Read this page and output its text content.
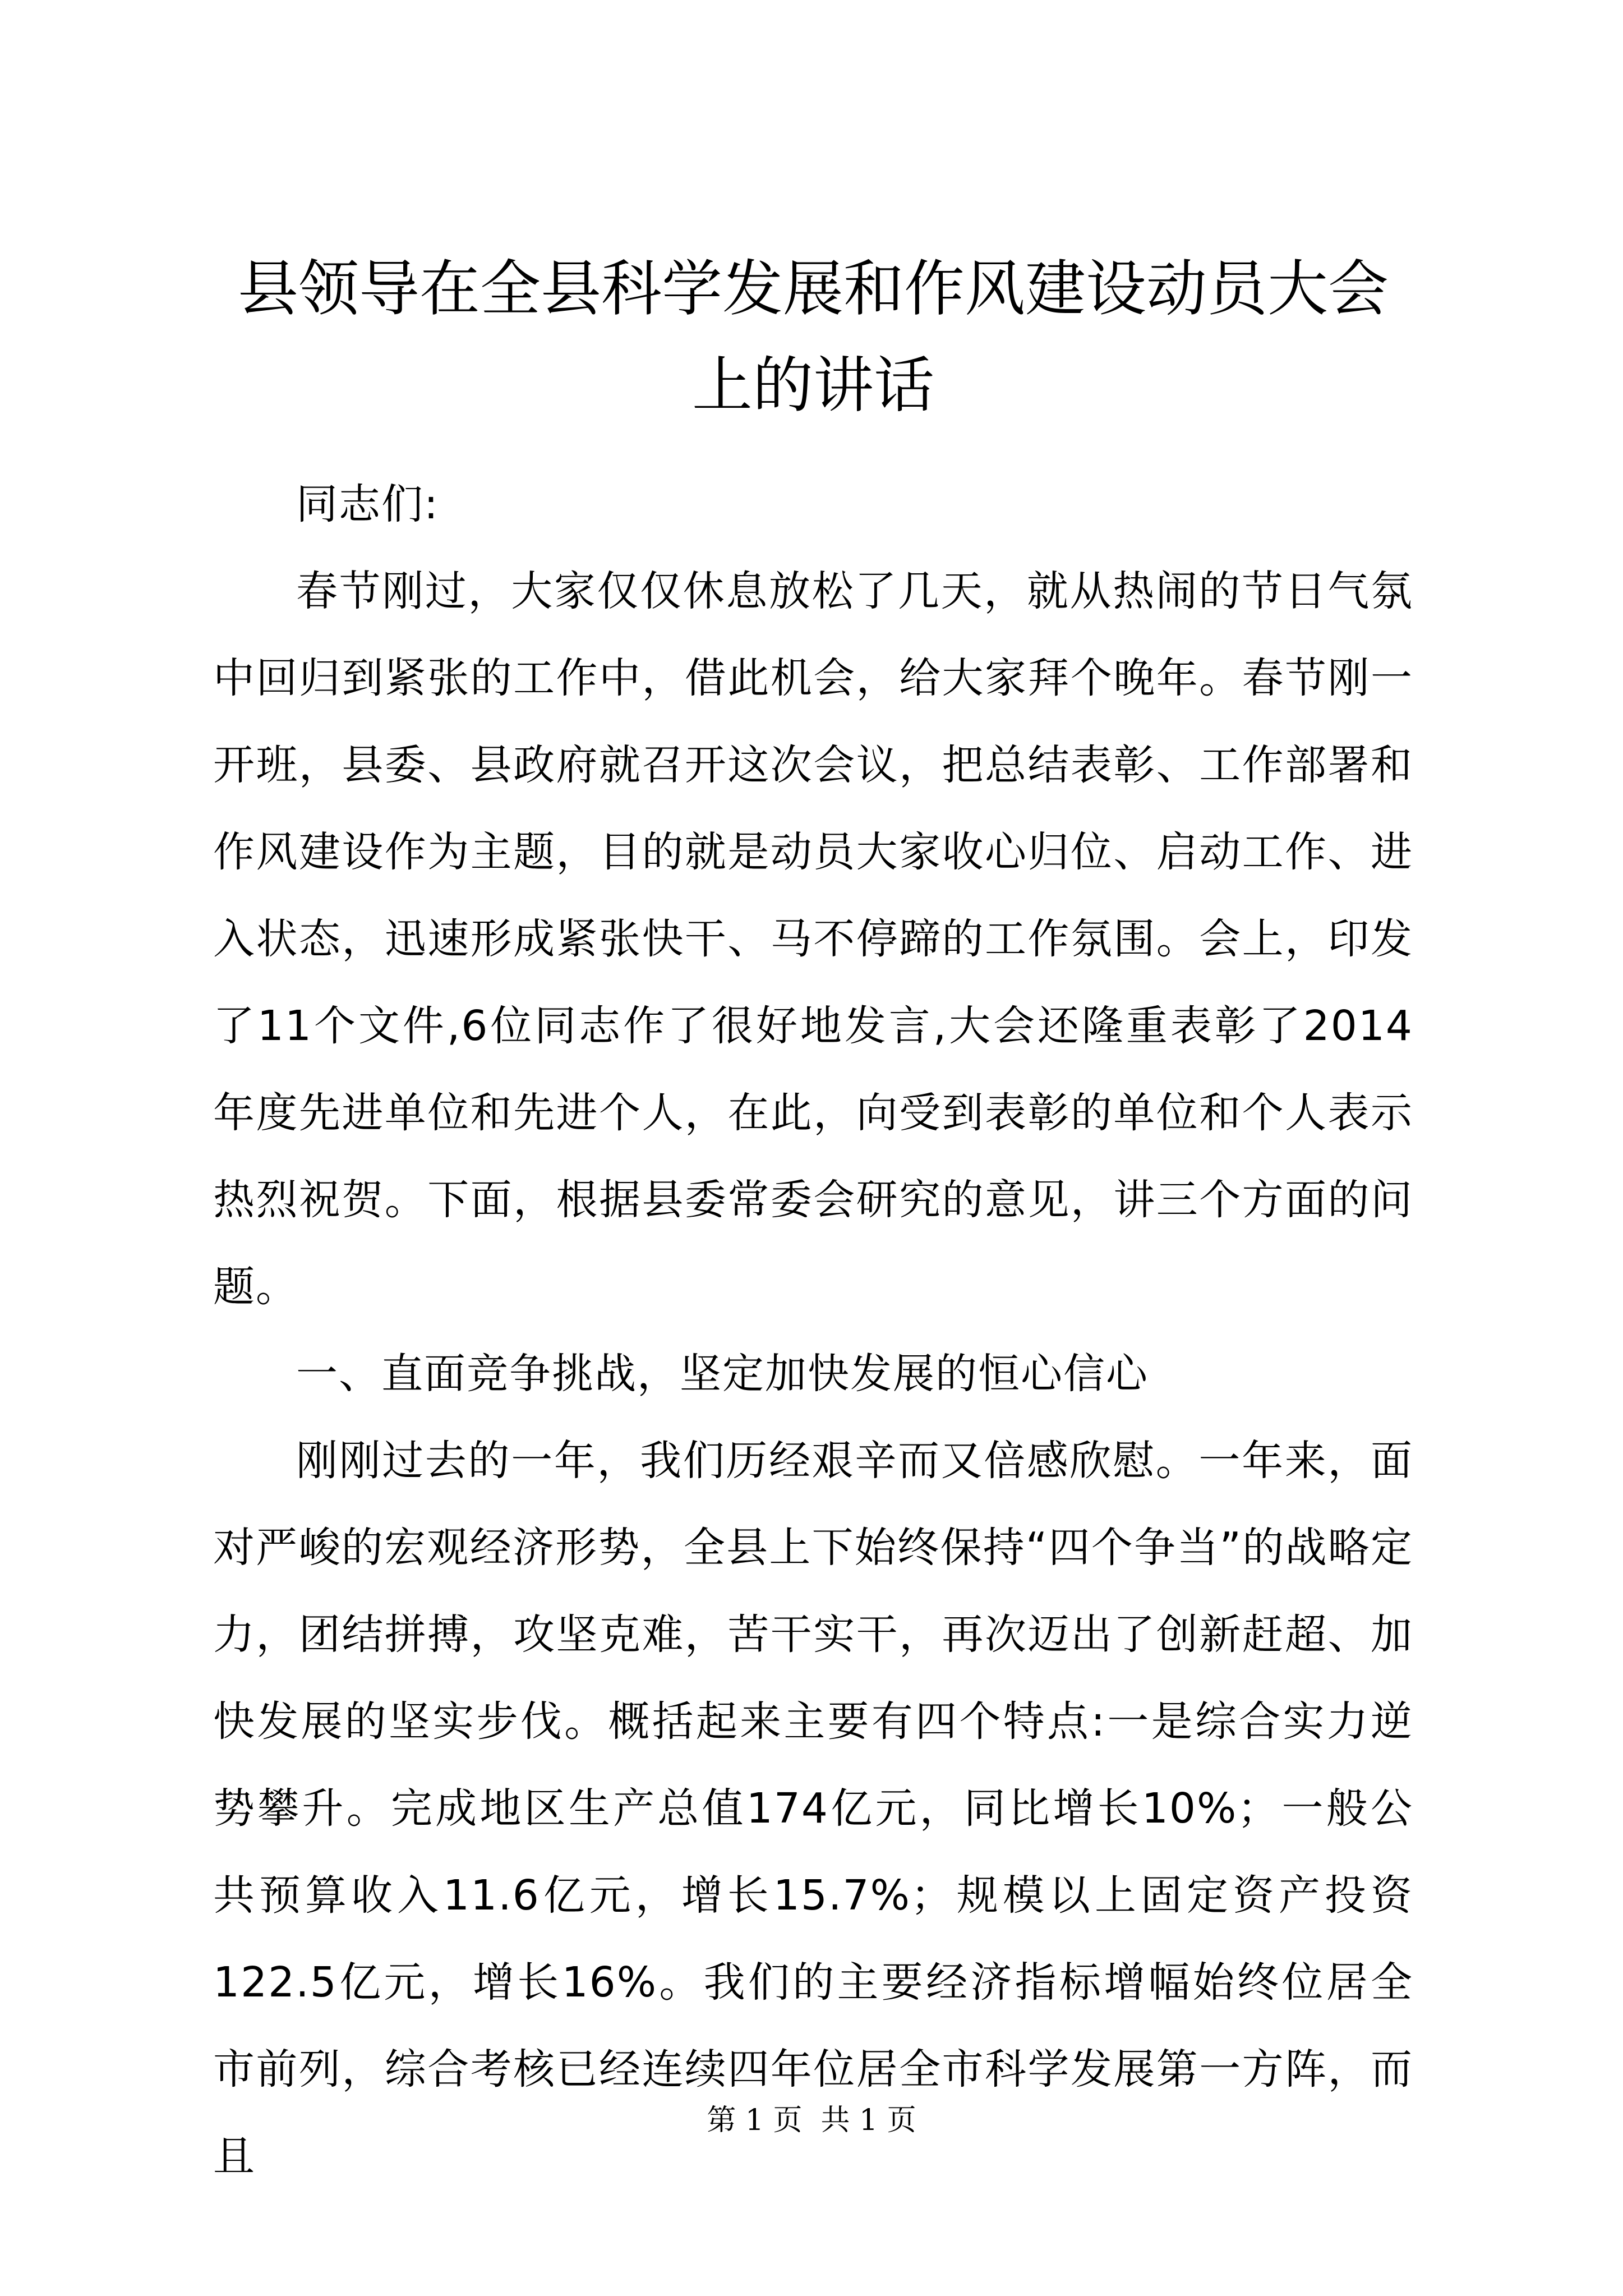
县领导在全县科学发展和作风建设动员大会上的讲话

同志们:

春节刚过，大家仅仅休息放松了几天，就从热闹的节日气氛中回归到紧张的工作中，借此机会，给大家拜个晚年。春节刚一开班，县委、县政府就召开这次会议，把总结表彰、工作部署和作风建设作为主题，目的就是动员大家收心归位、启动工作、进入状态，迅速形成紧张快干、马不停蹄的工作氛围。会上，印发了11个文件,6位同志作了很好地发言,大会还隆重表彰了2014年度先进单位和先进个人，在此，向受到表彰的单位和个人表示热烈祝贺。下面，根据县委常委会研究的意见，讲三个方面的问题。

一、直面竞争挑战，坚定加快发展的恒心信心

刚刚过去的一年，我们历经艰辛而又倍感欣慰。一年来，面对严峻的宏观经济形势，全县上下始终保持“四个争当”的战略定力，团结拼搏，攻坚克难，苦干实干，再次迈出了创新赶超、加快发展的坚实步伐。概括起来主要有四个特点:一是综合实力逆势攀升。完成地区生产总值174亿元，同比增长10%；一般公共预算收入11.6亿元，增长15.7%；规模以上固定资产投资122.5亿元，增长16%。我们的主要经济指标增幅始终位居全市前列，综合考核已经连续四年位居全市科学发展第一方阵，而且

第 1 页  共 1 页
